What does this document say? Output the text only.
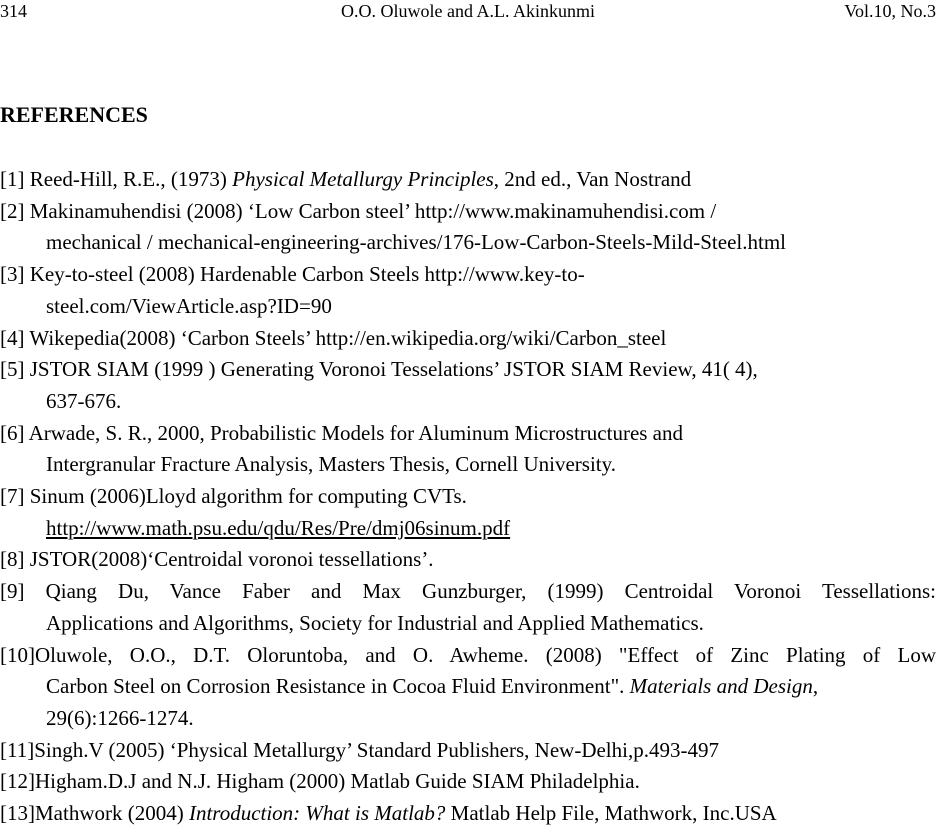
314	O.O. Oluwole and A.L. Akinkunmi	Vol.10, No.3
REFERENCES
[1] Reed-Hill, R.E., (1973) Physical Metallurgy Principles, 2nd ed., Van Nostrand
[2] Makinamuhendisi (2008) ‘Low Carbon steel’ http://www.makinamuhendisi.com /
mechanical / mechanical-engineering-archives/176-Low-Carbon-Steels-Mild-Steel.html
[3] Key-to-steel (2008) Hardenable Carbon Steels http://www.key-to-
steel.com/ViewArticle.asp?ID=90
[4] Wikepedia(2008) ‘Carbon Steels’ http://en.wikipedia.org/wiki/Carbon_steel
[5] JSTOR SIAM (1999 ) Generating Voronoi Tesselations’ JSTOR SIAM Review, 41( 4),
637-676.
[6] Arwade, S. R., 2000, Probabilistic Models for Aluminum Microstructures and
Intergranular Fracture Analysis, Masters Thesis, Cornell University.
[7] Sinum (2006)Lloyd algorithm for computing CVTs.
http://www.math.psu.edu/qdu/Res/Pre/dmj06sinum.pdf
[8] JSTOR(2008)‘Centroidal voronoi tessellations’.
[9] Qiang Du, Vance Faber and Max Gunzburger, (1999) Centroidal Voronoi Tessellations:
Applications and Algorithms, Society for Industrial and Applied Mathematics.
[10]Oluwole, O.O., D.T. Oloruntoba, and O. Awheme. (2008) "Effect of Zinc Plating of Low
Carbon Steel on Corrosion Resistance in Cocoa Fluid Environment". Materials and Design,
29(6):1266-1274.
[11]Singh.V (2005) ‘Physical Metallurgy’ Standard Publishers, New-Delhi,p.493-497
[12]Higham.D.J and N.J. Higham (2000) Matlab Guide SIAM Philadelphia.
[13]Mathwork (2004) Introduction: What is Matlab? Matlab Help File, Mathwork, Inc.USA
